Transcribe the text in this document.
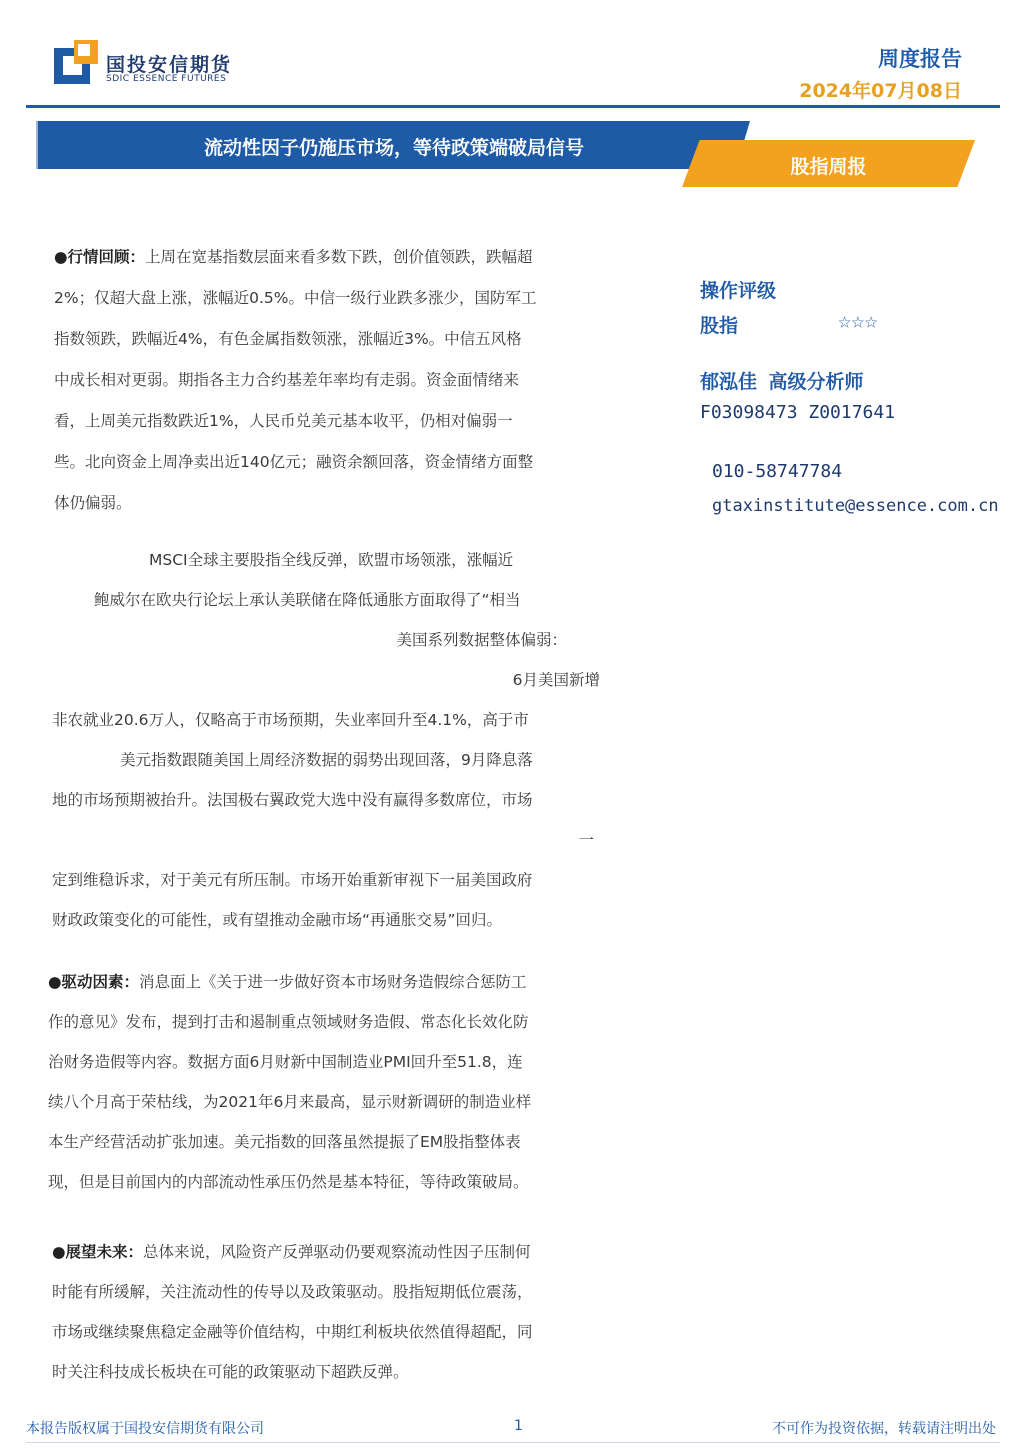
国投安信期货
SDIC ESSENCE FUTURES
周度报告
2024年07月08日
流动性因子仍施压市场，等待政策端破局信号
股指周报
●行情回顾：上周在宽基指数层面来看多数下跌，创价值领跌，跌幅超
2%；仅超大盘上涨，涨幅近0.5%。中信一级行业跌多涨少，国防军工
指数领跌，跌幅近4%，有色金属指数领涨，涨幅近3%。中信五风格
中成长相对更弱。期指各主力合约基差年率均有走弱。资金面情绪来
看，上周美元指数跌近1%，人民币兑美元基本收平，仍相对偏弱一
些。北向资金上周净卖出近140亿元；融资余额回落，资金情绪方面整
体仍偏弱。
MSCI全球主要股指全线反弹，欧盟市场领涨，涨幅近
鲍威尔在欧央行论坛上承认美联储在降低通胀方面取得了“相当
美国系列数据整体偏弱：
6月美国新增
非农就业20.6万人，仅略高于市场预期，失业率回升至4.1%，高于市
美元指数跟随美国上周经济数据的弱势出现回落，9月降息落
地的市场预期被抬升。法国极右翼政党大选中没有赢得多数席位，市场
一
定到维稳诉求，对于美元有所压制。市场开始重新审视下一届美国政府
财政政策变化的可能性，或有望推动金融市场“再通胀交易”回归。
●驱动因素：消息面上《关于进一步做好资本市场财务造假综合惩防工
作的意见》发布，提到打击和遏制重点领域财务造假、常态化长效化防
治财务造假等内容。数据方面6月财新中国制造业PMI回升至51.8，连
续八个月高于荣枯线，为2021年6月来最高，显示财新调研的制造业样
本生产经营活动扩张加速。美元指数的回落虽然提振了EM股指整体表
现，但是目前国内的内部流动性承压仍然是基本特征，等待政策破局。
●展望未来：总体来说，风险资产反弹驱动仍要观察流动性因子压制何
时能有所缓解，关注流动性的传导以及政策驱动。股指短期低位震荡，
市场或继续聚焦稳定金融等价值结构，中期红利板块依然值得超配，同
时关注科技成长板块在可能的政策驱动下超跌反弹。
操作评级
股指	☆☆☆
郁泓佳 高级分析师
F03098473 Z0017641
010-58747784
gtaxinstitute@essence.com.cn
本报告版权属于国投安信期货有限公司	1	不可作为投资依据，转载请注明出处
